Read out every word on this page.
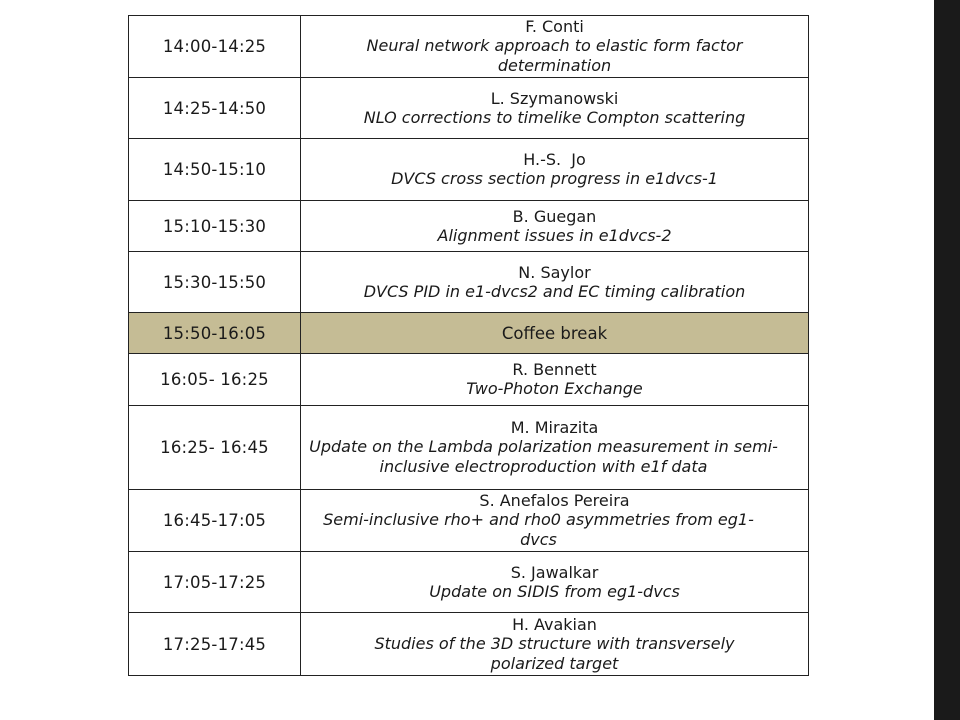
14:00-14:25	F. Conti
Neural network approach to elastic form factor determination

14:25-14:50	L. Szymanowski
NLO corrections to timelike Compton scattering

14:50-15:10	H.-S.  Jo
DVCS cross section progress in e1dvcs-1

15:10-15:30	B. Guegan
Alignment issues in e1dvcs-2

15:30-15:50	N. Saylor
DVCS PID in e1-dvcs2 and EC timing calibration

15:50-16:05	Coffee break
16:05- 16:25	R. Bennett
Two-Photon Exchange

16:25- 16:45	M. Mirazita
Update on the Lambda polarization measurement in semi-inclusive electroproduction with e1f data

16:45-17:05	S. Anefalos Pereira
Semi-inclusive rho+ and rho0 asymmetries from eg1-dvcs

17:05-17:25	S. Jawalkar
Update on SIDIS from eg1-dvcs

17:25-17:45	H. Avakian
Studies of the 3D structure with transversely polarized target
